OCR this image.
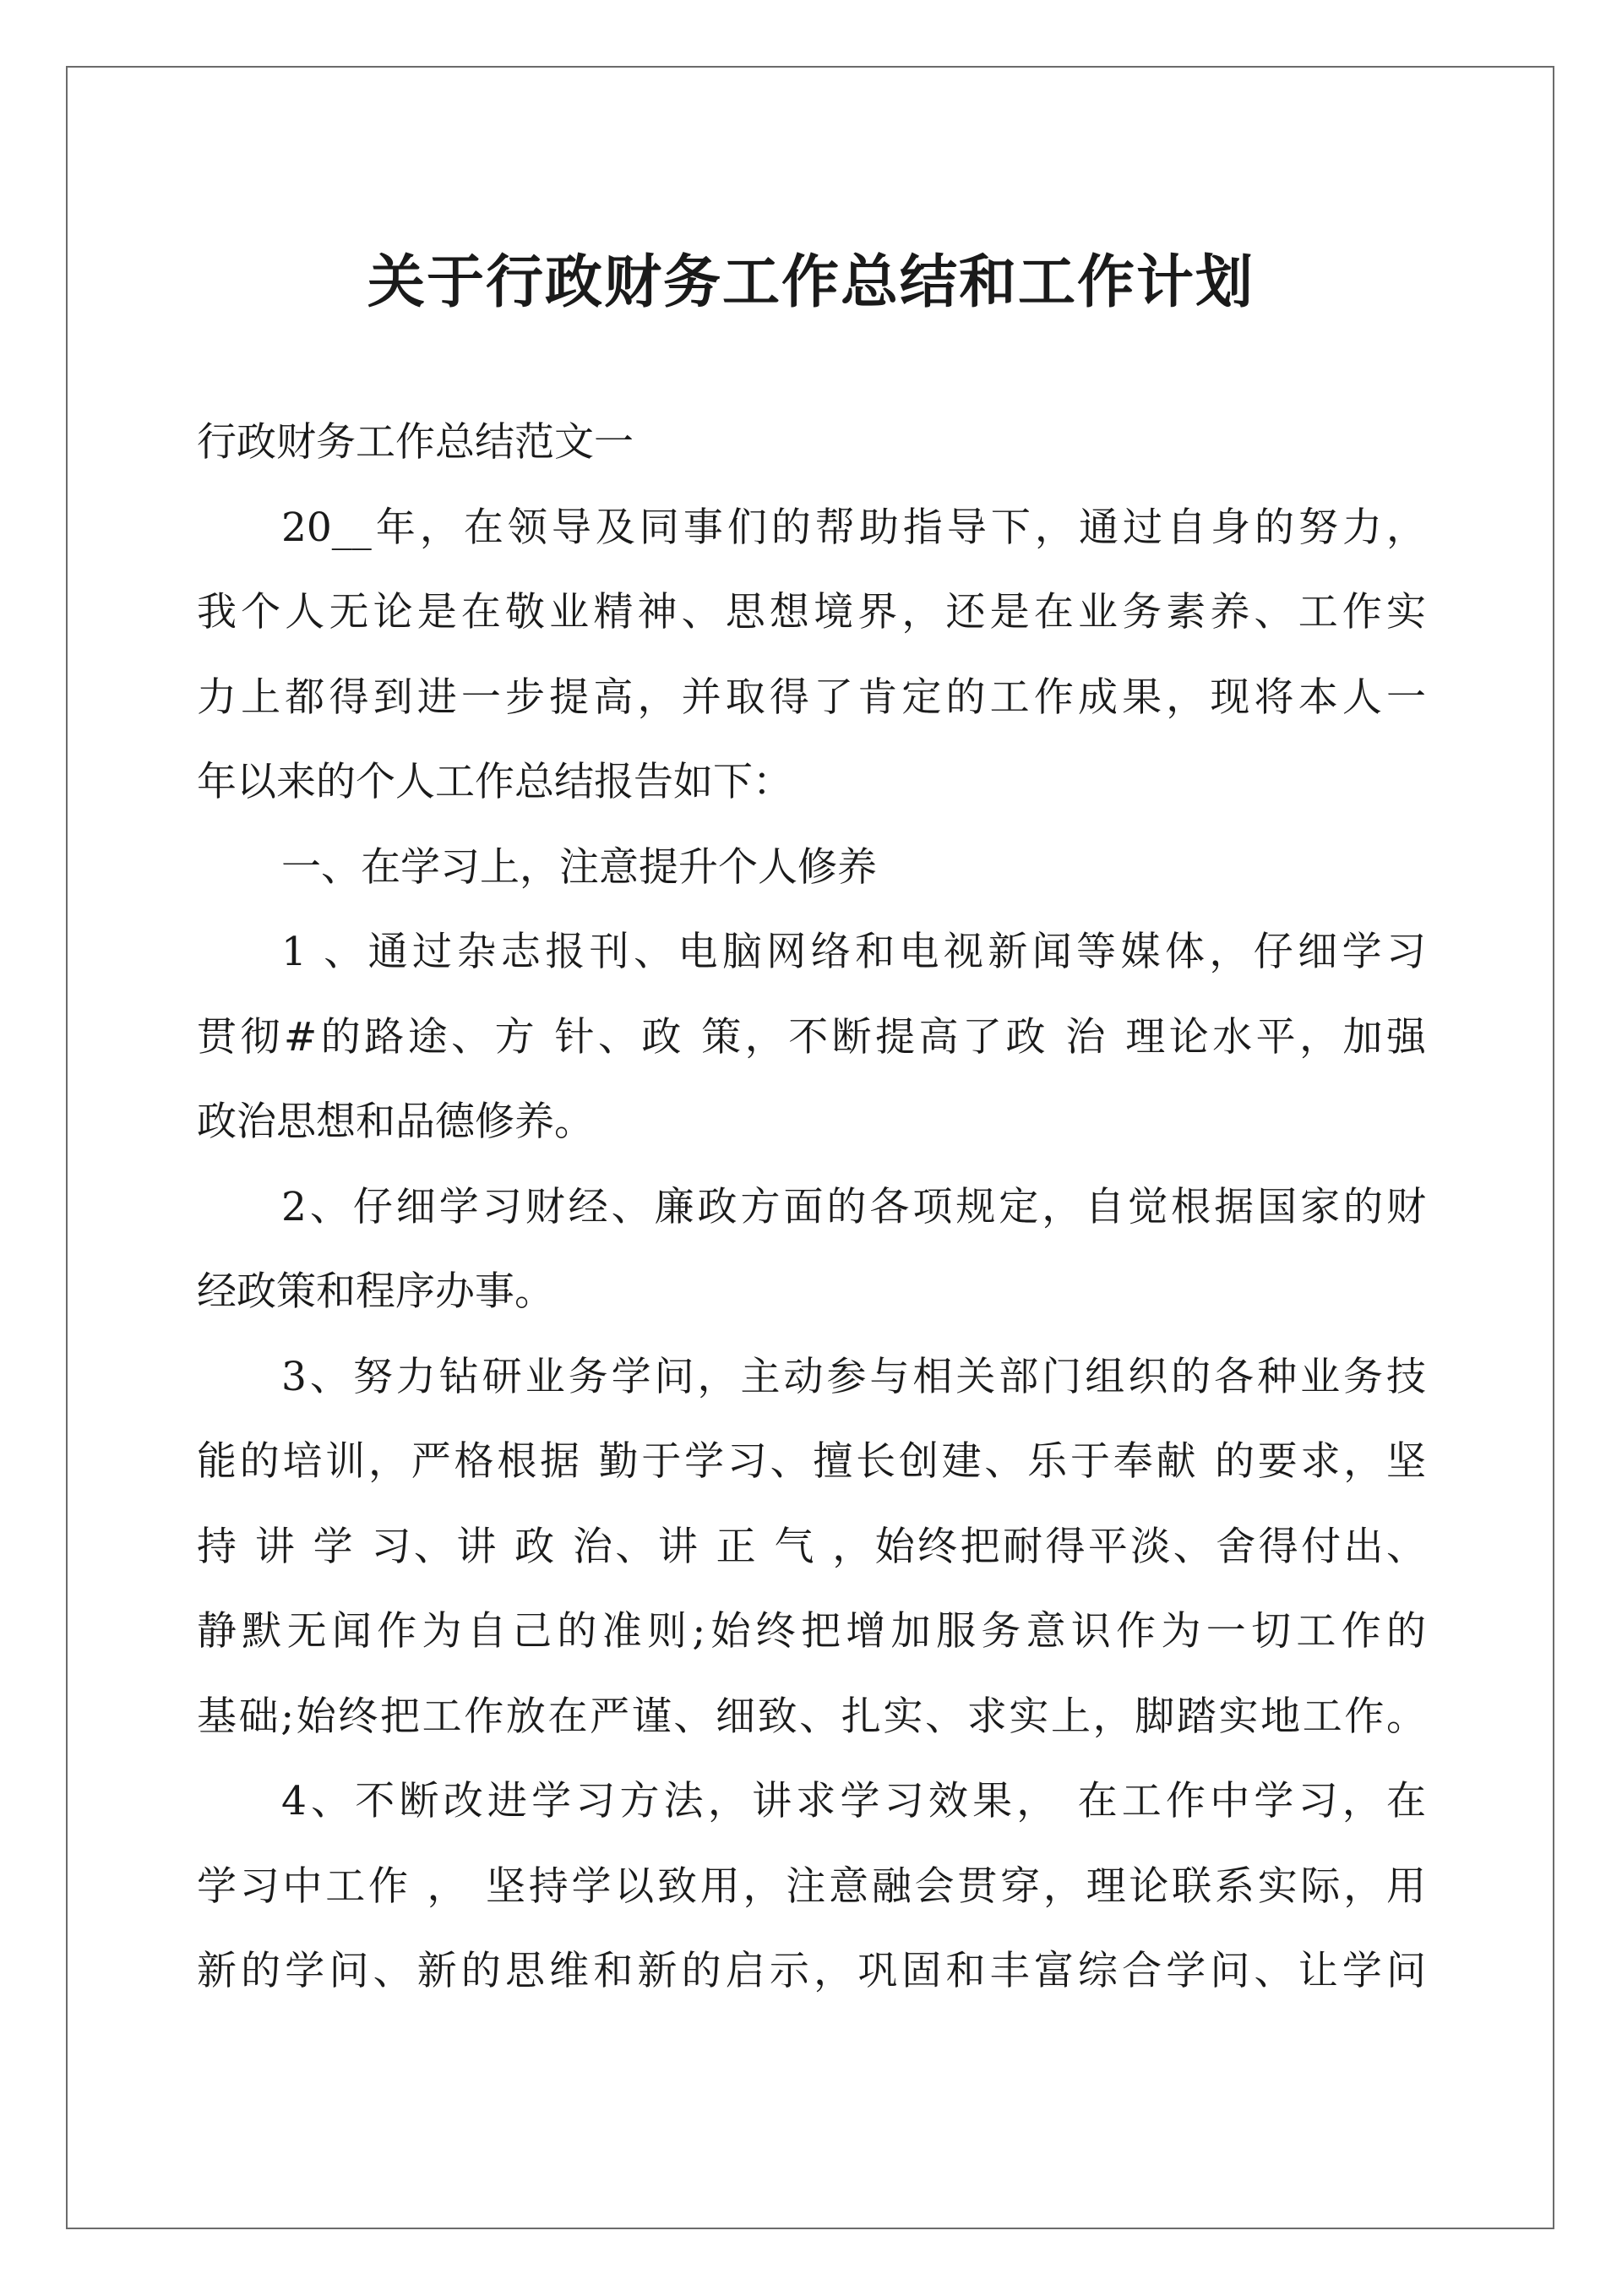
关于行政财务工作总结和工作计划
行政财务工作总结范文一
20__年，在领导及同事们的帮助指导下，通过自身的努力，
我个人无论是在敬业精神、思想境界，还是在业务素养、工作实
力上都得到进一步提高，并取得了肯定的工作成果，现将本人一
年以来的个人工作总结报告如下：
一、在学习上，注意提升个人修养
1 、通过杂志报刊、电脑网络和电视新闻等媒体，仔细学习
贯彻#的路途、方 针、政 策，不断提高了政 治 理论水平，加强
政治思想和品德修养。
2、仔细学习财经、廉政方面的各项规定，自觉根据国家的财
经政策和程序办事。
3、努力钻研业务学问，主动参与相关部门组织的各种业务技
能的培训，严格根据 勤于学习、擅长创建、乐于奉献 的要求，坚
持 讲 学 习、讲 政 治、讲 正 气 ，始终把耐得平淡、舍得付出、
静默无闻作为自己的准则;始终把增加服务意识作为一切工作的
基础;始终把工作放在严谨、细致、扎实、求实上，脚踏实地工作。
4、不断改进学习方法，讲求学习效果， 在工作中学习，在
学习中工作 ， 坚持学以致用，注意融会贯穿，理论联系实际，用
新的学问、新的思维和新的启示，巩固和丰富综合学问、让学问
